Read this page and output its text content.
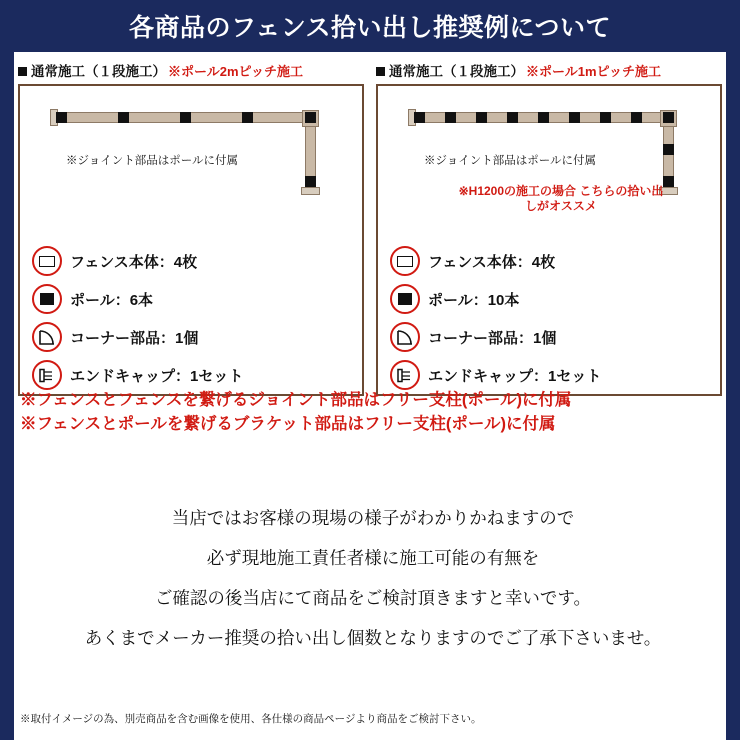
各商品のフェンス拾い出し推奨例について
通常施工（１段施工） ※ポール2mピッチ施工
※ジョイント部品はポールに付属
フェンス本体：4枚
ポール：6本
コーナー部品：1個
エンドキャップ：1セット
通常施工（１段施工） ※ポール1mピッチ施工
※ジョイント部品はポールに付属
※H1200の施工の場合 こちらの拾い出しがオススメ
フェンス本体：4枚
ポール：10本
コーナー部品：1個
エンドキャップ：1セット
※フェンスとフェンスを繋げるジョイント部品はフリー支柱(ポール)に付属
※フェンスとポールを繋げるブラケット部品はフリー支柱(ポール)に付属

当店ではお客様の現場の様子がわかりかねますので

必ず現地施工責任者様に施工可能の有無を

ご確認の後当店にて商品をご検討頂きますと幸いです。

あくまでメーカー推奨の拾い出し個数となりますのでご了承下さいませ。

※取付イメージの為、別売商品を含む画像を使用、各仕様の商品ページより商品をご検討下さい。
